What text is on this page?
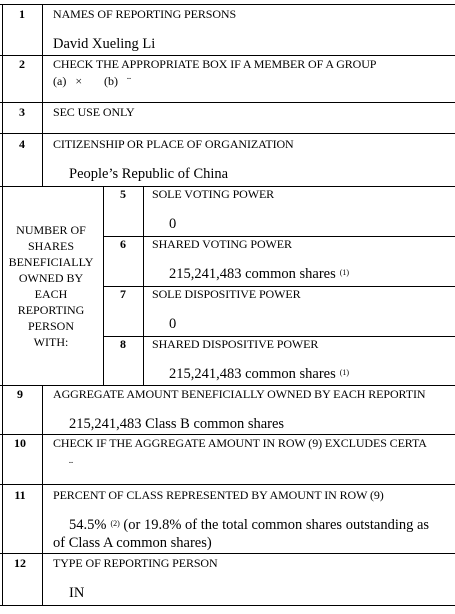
1	NAMES OF REPORTING PERSONS
David Xueling Li
2	CHECK THE APPROPRIATE BOX IF A MEMBER OF A GROUP
(a) × (b) ¨
3	SEC USE ONLY
4	CITIZENSHIP OR PLACE OF ORGANIZATION
People’s Republic of China
NUMBER OF
SHARES
BENEFICIALLY
OWNED BY
EACH
REPORTING
PERSON
WITH:
5	SOLE VOTING POWER
0
6	SHARED VOTING POWER
215,241,483 common shares $^{(1)}$
7	SOLE DISPOSITIVE POWER
0
8	SHARED DISPOSITIVE POWER
215,241,483 common shares $^{(1)}$
9	AGGREGATE AMOUNT BENEFICIALLY OWNED BY EACH REPORTIN
215,241,483 Class B common shares
10	CHECK IF THE AGGREGATE AMOUNT IN ROW (9) EXCLUDES CERTA
¨
11	PERCENT OF CLASS REPRESENTED BY AMOUNT IN ROW (9)
54.5% $^{(2)}$ (or 19.8% of the total common shares outstanding as
of Class A common shares)
12	TYPE OF REPORTING PERSON
IN
